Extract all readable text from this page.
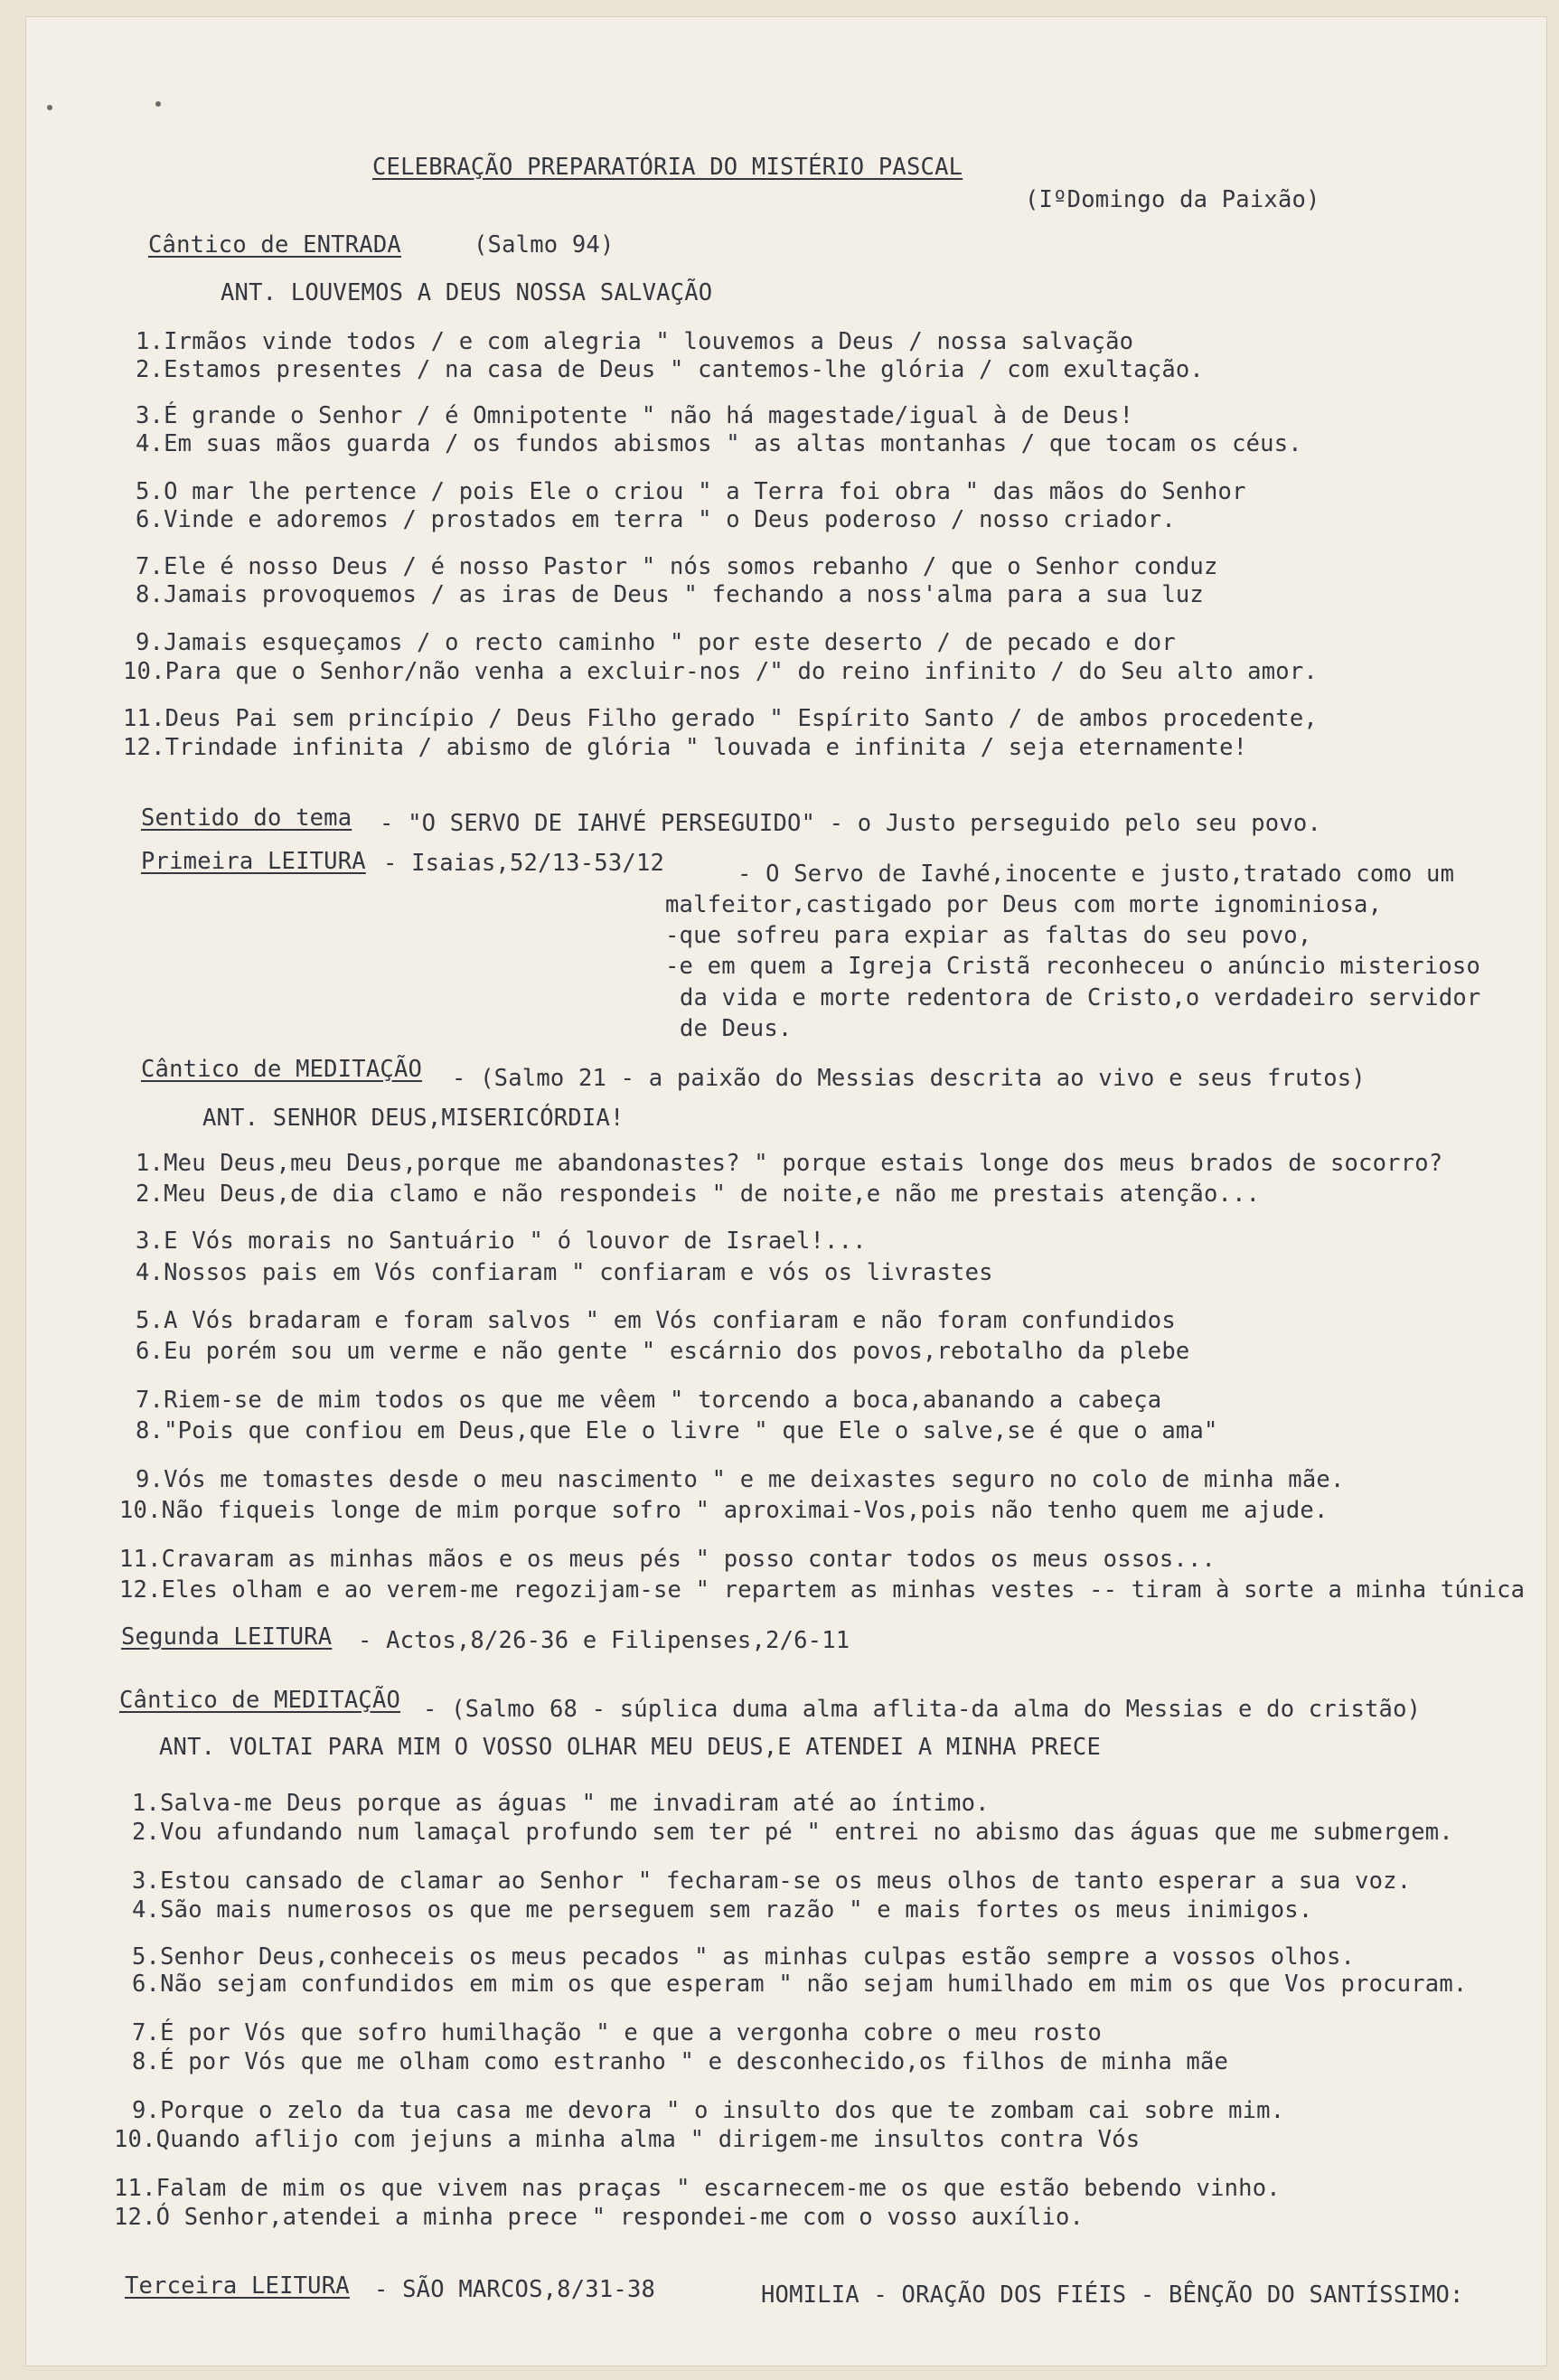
CELEBRAÇÃO PREPARATÓRIA DO MISTÉRIO PASCAL
(IºDomingo da Paixão)
Cântico de ENTRADA	(Salmo 94)
ANT. LOUVEMOS A DEUS NOSSA SALVAÇÃO
1.Irmãos vinde todos / e com alegria " louvemos a Deus / nossa salvação
2.Estamos presentes / na casa de Deus " cantemos-lhe glória / com exultação.
3.É grande o Senhor / é Omnipotente " não há magestade/igual à de Deus!
4.Em suas mãos guarda / os fundos abismos " as altas montanhas / que tocam os céus.
5.O mar lhe pertence / pois Ele o criou " a Terra foi obra " das mãos do Senhor
6.Vinde e adoremos / prostados em terra " o Deus poderoso / nosso criador.
7.Ele é nosso Deus / é nosso Pastor " nós somos rebanho / que o Senhor conduz
8.Jamais provoquemos / as iras de Deus " fechando a noss'alma para a sua luz
9.Jamais esqueçamos / o recto caminho " por este deserto / de pecado e dor
10.Para que o Senhor/não venha a excluir-nos /" do reino infinito / do Seu alto amor.
11.Deus Pai sem princípio / Deus Filho gerado " Espírito Santo / de ambos procedente,
12.Trindade infinita / abismo de glória " louvada e infinita / seja eternamente!
Sentido do tema - "O SERVO DE IAHVÉ PERSEGUIDO" - o Justo perseguido pelo seu povo.
Primeira LEITURA - Isaias,52/13-53/12	- O Servo de Iavhé,inocente e justo,tratado como um
malfeitor,castigado por Deus com morte ignominiosa,
-que sofreu para expiar as faltas do seu povo,
-e em quem a Igreja Cristã reconheceu o anúncio misterioso
da vida e morte redentora de Cristo,o verdadeiro servidor
de Deus.
Cântico de MEDITAÇÃO - (Salmo 21 - a paixão do Messias descrita ao vivo e seus frutos)
ANT. SENHOR DEUS,MISERICÓRDIA!
1.Meu Deus,meu Deus,porque me abandonastes? " porque estais longe dos meus brados de socorro?
2.Meu Deus,de dia clamo e não respondeis " de noite,e não me prestais atenção...
3.E Vós morais no Santuário " ó louvor de Israel!...
4.Nossos pais em Vós confiaram " confiaram e vós os livrastes
5.A Vós bradaram e foram salvos " em Vós confiaram e não foram confundidos
6.Eu porém sou um verme e não gente " escárnio dos povos,rebotalho da plebe
7.Riem-se de mim todos os que me vêem " torcendo a boca,abanando a cabeça
8."Pois que confiou em Deus,que Ele o livre " que Ele o salve,se é que o ama"
9.Vós me tomastes desde o meu nascimento " e me deixastes seguro no colo de minha mãe.
10.Não fiqueis longe de mim porque sofro " aproximai-Vos,pois não tenho quem me ajude.
11.Cravaram as minhas mãos e os meus pés " posso contar todos os meus ossos...
12.Eles olham e ao verem-me regozijam-se " repartem as minhas vestes -- tiram à sorte a minha túnica
Segunda LEITURA - Actos,8/26-36 e Filipenses,2/6-11
Cântico de MEDITAÇÃO - (Salmo 68 - súplica duma alma aflita-da alma do Messias e do cristão)
ANT. VOLTAI PARA MIM O VOSSO OLHAR MEU DEUS,E ATENDEI A MINHA PRECE
1.Salva-me Deus porque as águas " me invadiram até ao íntimo.
2.Vou afundando num lamaçal profundo sem ter pé " entrei no abismo das águas que me submergem.
3.Estou cansado de clamar ao Senhor " fecharam-se os meus olhos de tanto esperar a sua voz.
4.São mais numerosos os que me perseguem sem razão " e mais fortes os meus inimigos.
5.Senhor Deus,conheceis os meus pecados " as minhas culpas estão sempre a vossos olhos.
6.Não sejam confundidos em mim os que esperam " não sejam humilhado em mim os que Vos procuram.
7.É por Vós que sofro humilhação " e que a vergonha cobre o meu rosto
8.É por Vós que me olham como estranho " e desconhecido,os filhos de minha mãe
9.Porque o zelo da tua casa me devora " o insulto dos que te zombam cai sobre mim.
10.Quando aflijo com jejuns a minha alma " dirigem-me insultos contra Vós
11.Falam de mim os que vivem nas praças " escarnecem-me os que estão bebendo vinho.
12.Ó Senhor,atendei a minha prece " respondei-me com o vosso auxílio.
Terceira LEITURA - SÃO MARCOS,8/31-38	HOMILIA - ORAÇÃO DOS FIÉIS - BÊNÇÃO DO SANTÍSSIMO:
